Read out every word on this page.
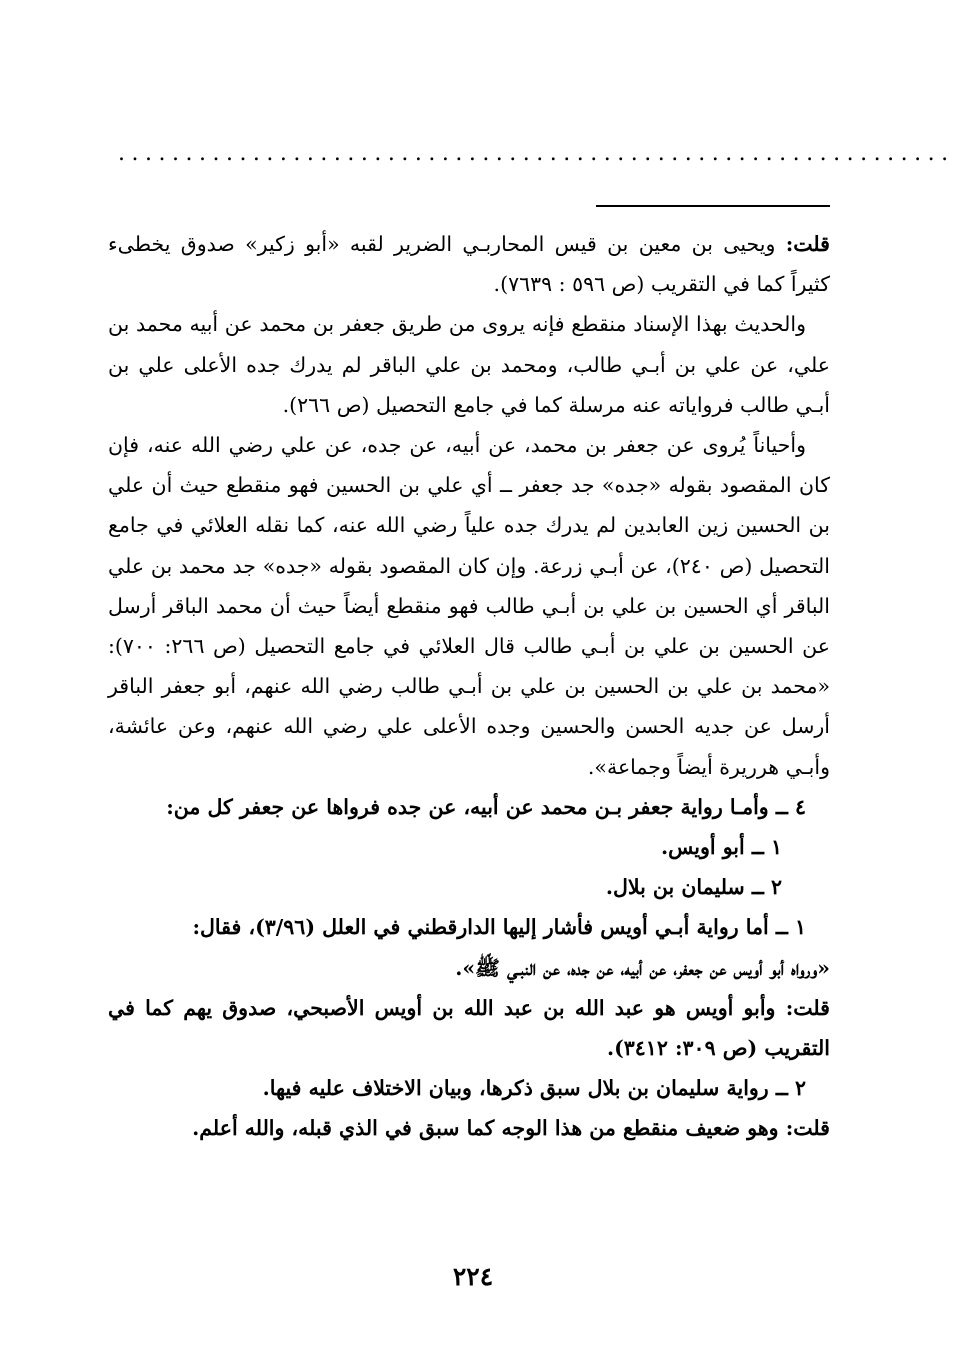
..............................................................

قلت: ويحيى بن معين بن قيس المحاربـي الضرير لقبه «أبو زكير» صدوق يخطىء كثيراً كما في التقريب (ص ٥٩٦ : ٧٦٣٩).

والحديث بهذا الإسناد منقطع فإنه يروى من طريق جعفر بن محمد عن أبيه محمد بن علي، عن علي بن أبـي طالب، ومحمد بن علي الباقر لم يدرك جده الأعلى علي بن أبـي طالب فرواياته عنه مرسلة كما في جامع التحصيل (ص ٢٦٦).

وأحياناً يُروى عن جعفر بن محمد، عن أبيه، عن جده، عن علي رضي الله عنه، فإن كان المقصود بقوله «جده» جد جعفر ــ أي علي بن الحسين فهو منقطع حيث أن علي بن الحسين زين العابدين لم يدرك جده علياً رضي الله عنه، كما نقله العلائي في جامع التحصيل (ص ٢٤٠)، عن أبـي زرعة. وإن كان المقصود بقوله «جده» جد محمد بن علي الباقر أي الحسين بن علي بن أبـي طالب فهو منقطع أيضاً حيث أن محمد الباقر أرسل عن الحسين بن علي بن أبـي طالب قال العلائي في جامع التحصيل (ص ٢٦٦: ٧٠٠): «محمد بن علي بن الحسين بن علي بن أبـي طالب رضي الله عنهم، أبو جعفر الباقر أرسل عن جديه الحسن والحسين وجده الأعلى علي رضي الله عنهم، وعن عائشة، وأبـي هرريرة أيضاً وجماعة».

٤ ــ وأمـا رواية جعفر بـن محمد عن أبيه، عن جده فرواها عن جعفر كل من:

١ ــ أبو أويس.

٢ ــ سليمان بن بلال.

١ ــ أما رواية أبـي أويس فأشار إليها الدارقطني في العلل (٣/٩٦)، فقال:

«ورواه أبو أويس عن جعفر، عن أبيه، عن جده، عن النبـي ﷺ».

قلت: وأبو أويس هو عبد الله بن عبد الله بن أويس الأصبحي، صدوق يهم كما في التقريب (ص ٣٠٩: ٣٤١٢).

٢ ــ رواية سليمان بن بلال سبق ذكرها، وبيان الاختلاف عليه فيها.

قلت: وهو ضعيف منقطع من هذا الوجه كما سبق في الذي قبله، والله أعلم.

٢٢٤
